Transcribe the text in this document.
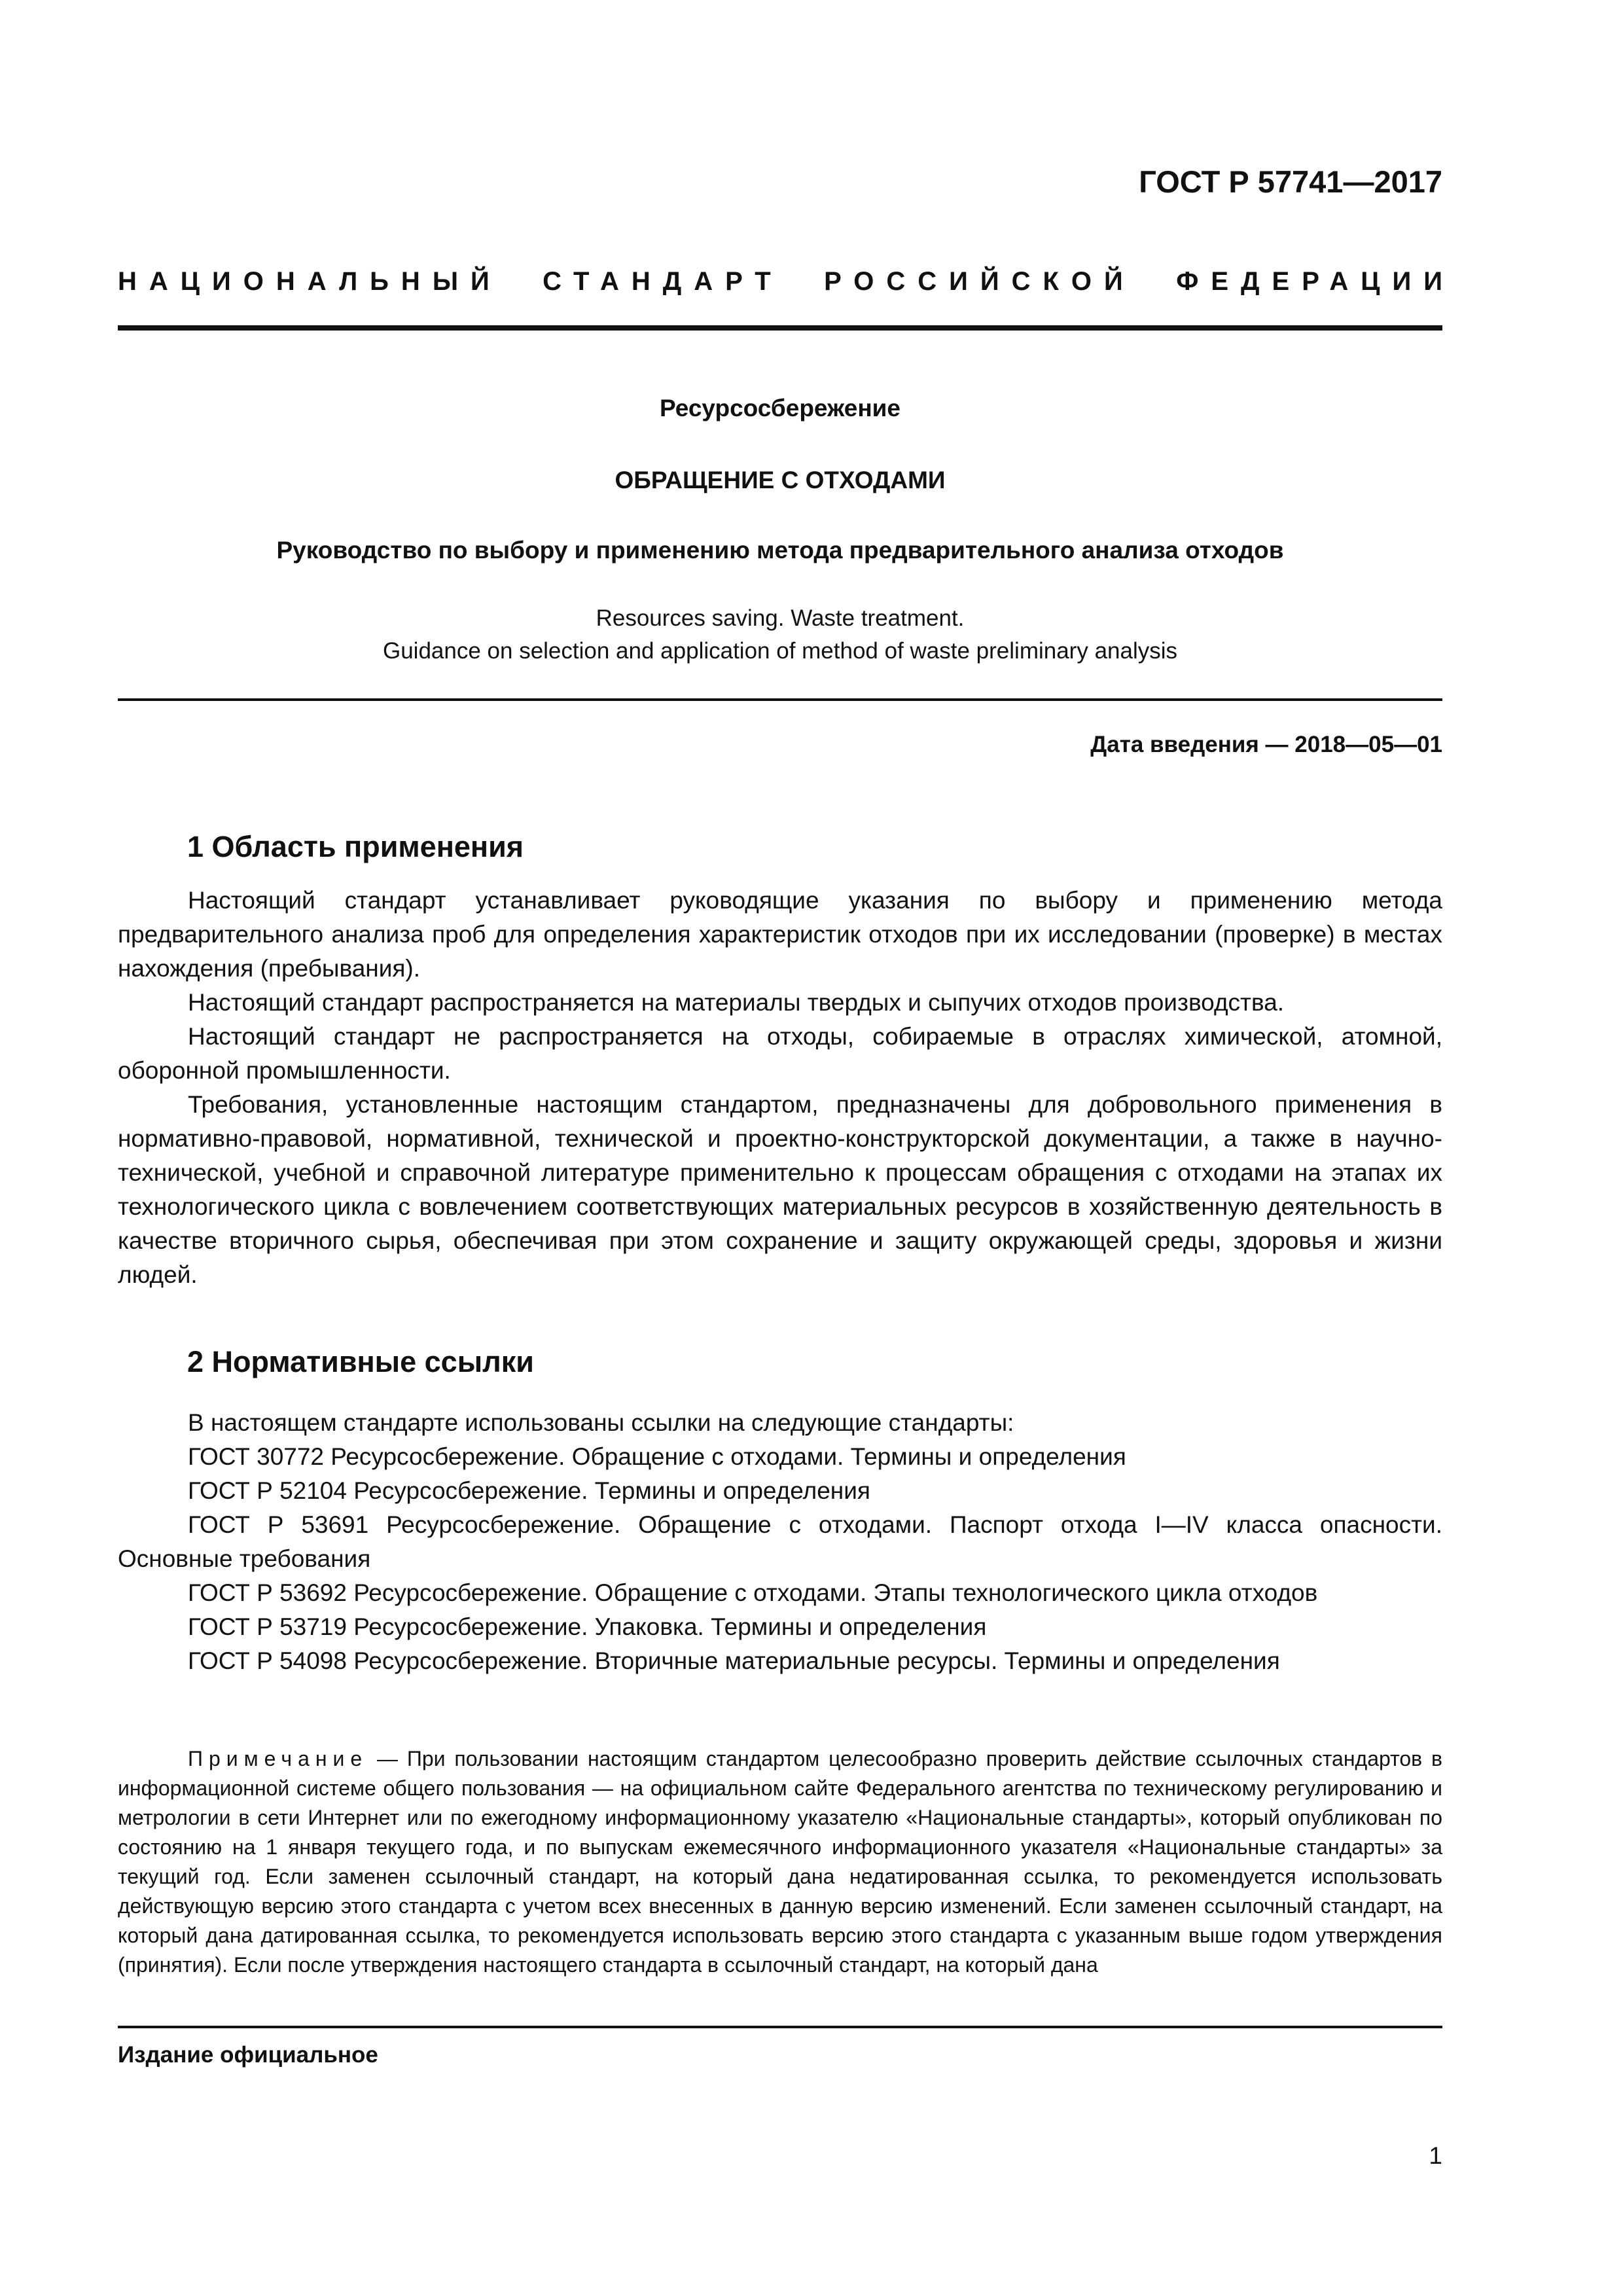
ГОСТ Р 57741—2017
НАЦИОНАЛЬНЫЙ СТАНДАРТ РОССИЙСКОЙ ФЕДЕРАЦИИ
Ресурсосбережение
ОБРАЩЕНИЕ С ОТХОДАМИ
Руководство по выбору и применению метода предварительного анализа отходов
Resources saving. Waste treatment.
Guidance on selection and application of method of waste preliminary analysis
Дата введения — 2018—05—01
1 Область применения

Настоящий стандарт устанавливает руководящие указания по выбору и применению метода предварительного анализа проб для определения характеристик отходов при их исследовании (проверке) в местах нахождения (пребывания).

Настоящий стандарт распространяется на материалы твердых и сыпучих отходов производства.

Настоящий стандарт не распространяется на отходы, собираемые в отраслях химической, атомной, оборонной промышленности.

Требования, установленные настоящим стандартом, предназначены для добровольного применения в нормативно-правовой, нормативной, технической и проектно-конструкторской документации, а также в научно-технической, учебной и справочной литературе применительно к процессам обращения с отходами на этапах их технологического цикла с вовлечением соответствующих материальных ресурсов в хозяйственную деятельность в качестве вторичного сырья, обеспечивая при этом сохранение и защиту окружающей среды, здоровья и жизни людей.

2 Нормативные ссылки

В настоящем стандарте использованы ссылки на следующие стандарты:

ГОСТ 30772 Ресурсосбережение. Обращение с отходами. Термины и определения

ГОСТ Р 52104 Ресурсосбережение. Термины и определения

ГОСТ Р 53691 Ресурсосбережение. Обращение с отходами. Паспорт отхода I—IV класса опасности. Основные требования

ГОСТ Р 53692 Ресурсосбережение. Обращение с отходами. Этапы технологического цикла отходов

ГОСТ Р 53719 Ресурсосбережение. Упаковка. Термины и определения

ГОСТ Р 54098 Ресурсосбережение. Вторичные материальные ресурсы. Термины и определения

Примечание — При пользовании настоящим стандартом целесообразно проверить действие ссылочных стандартов в информационной системе общего пользования — на официальном сайте Федерального агентства по техническому регулированию и метрологии в сети Интернет или по ежегодному информационному указателю «Национальные стандарты», который опубликован по состоянию на 1 января текущего года, и по выпускам ежемесячного информационного указателя «Национальные стандарты» за текущий год. Если заменен ссылочный стандарт, на который дана недатированная ссылка, то рекомендуется использовать действующую версию этого стандарта с учетом всех внесенных в данную версию изменений. Если заменен ссылочный стандарт, на который дана датированная ссылка, то рекомендуется использовать версию этого стандарта с указанным выше годом утверждения (принятия). Если после утверждения настоящего стандарта в ссылочный стандарт, на который дана

Издание официальное
1
